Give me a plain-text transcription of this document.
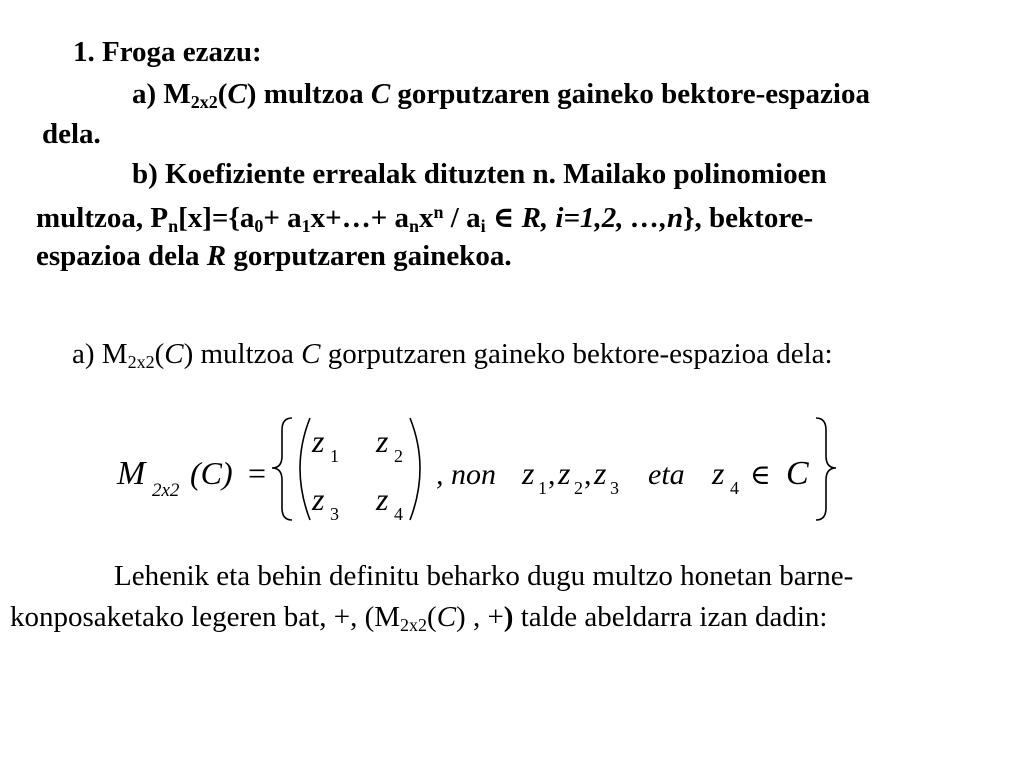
1. Froga ezazu:
a) $M_{2x2}(C)$ multzoa C gorputzaren gaineko bektore-espazioa
dela.
b) Koefiziente errealak dituzten n. Mailako polinomioen
multzoa, $P_n[x]=\{a_0+$ $a_1x+\dots+ a_nx^n / a_i$ ∈ R, i=1,2, …,n}, bektore-
espazioa dela R gorputzaren gainekoa.
a) $M_{2x2}(C)$ multzoa C gorputzaren gaineko bektore-espazioa dela:
M 2x2 (C) =
z 1 z 2
z 3 z 4
, non z 1 , z 2 , z 3 eta z 4 ∈ C
Lehenik eta behin definitu beharko dugu multzo honetan barne-
konposaketako legeren bat, +, ($M_{2x2}(C)$ , +) talde abeldarra izan dadin:
